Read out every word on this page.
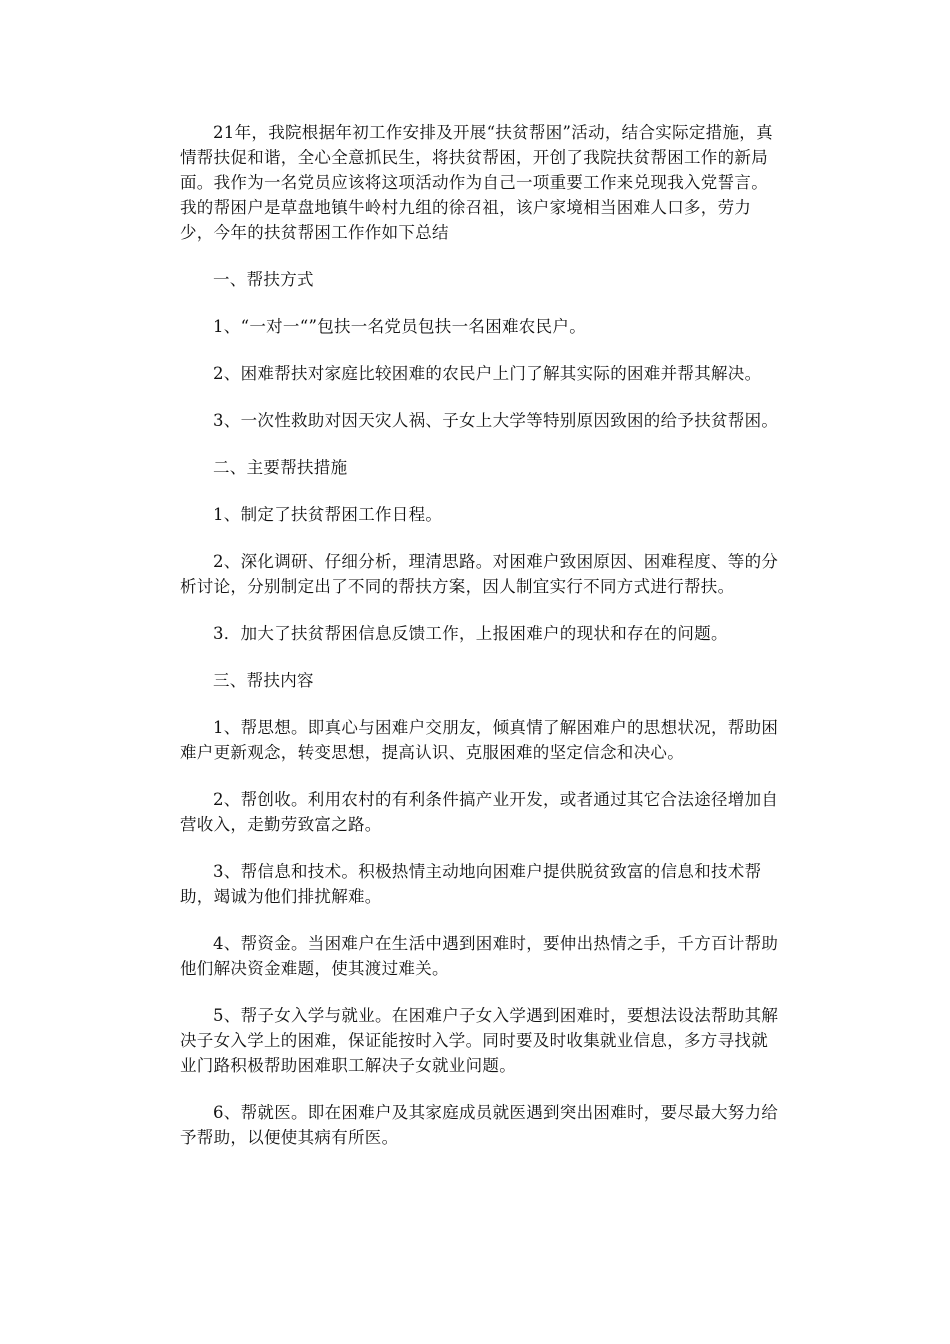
21年，我院根据年初工作安排及开展“扶贫帮困”活动，结合实际定措施，真情帮扶促和谐，全心全意抓民生，将扶贫帮困，开创了我院扶贫帮困工作的新局面。我作为一名党员应该将这项活动作为自己一项重要工作来兑现我入党誓言。我的帮困户是草盘地镇牛岭村九组的徐召祖，该户家境相当困难人口多，劳力少，今年的扶贫帮困工作作如下总结

一、帮扶方式

1、“一对一“”包扶一名党员包扶一名困难农民户。

2、困难帮扶对家庭比较困难的农民户上门了解其实际的困难并帮其解决。

3、一次性救助对因天灾人祸、子女上大学等特别原因致困的给予扶贫帮困。

二、主要帮扶措施

1、制定了扶贫帮困工作日程。

2、深化调研、仔细分析，理清思路。对困难户致困原因、困难程度、等的分析讨论，分别制定出了不同的帮扶方案，因人制宜实行不同方式进行帮扶。

3．加大了扶贫帮困信息反馈工作，上报困难户的现状和存在的问题。

三、帮扶内容

1、帮思想。即真心与困难户交朋友，倾真情了解困难户的思想状况，帮助困难户更新观念，转变思想，提高认识、克服困难的坚定信念和决心。

2、帮创收。利用农村的有利条件搞产业开发，或者通过其它合法途径增加自营收入，走勤劳致富之路。

3、帮信息和技术。积极热情主动地向困难户提供脱贫致富的信息和技术帮助，竭诚为他们排扰解难。

4、帮资金。当困难户在生活中遇到困难时，要伸出热情之手，千方百计帮助他们解决资金难题，使其渡过难关。

5、帮子女入学与就业。在困难户子女入学遇到困难时，要想法设法帮助其解决子女入学上的困难，保证能按时入学。同时要及时收集就业信息，多方寻找就业门路积极帮助困难职工解决子女就业问题。

6、帮就医。即在困难户及其家庭成员就医遇到突出困难时，要尽最大努力给予帮助，以便使其病有所医。
